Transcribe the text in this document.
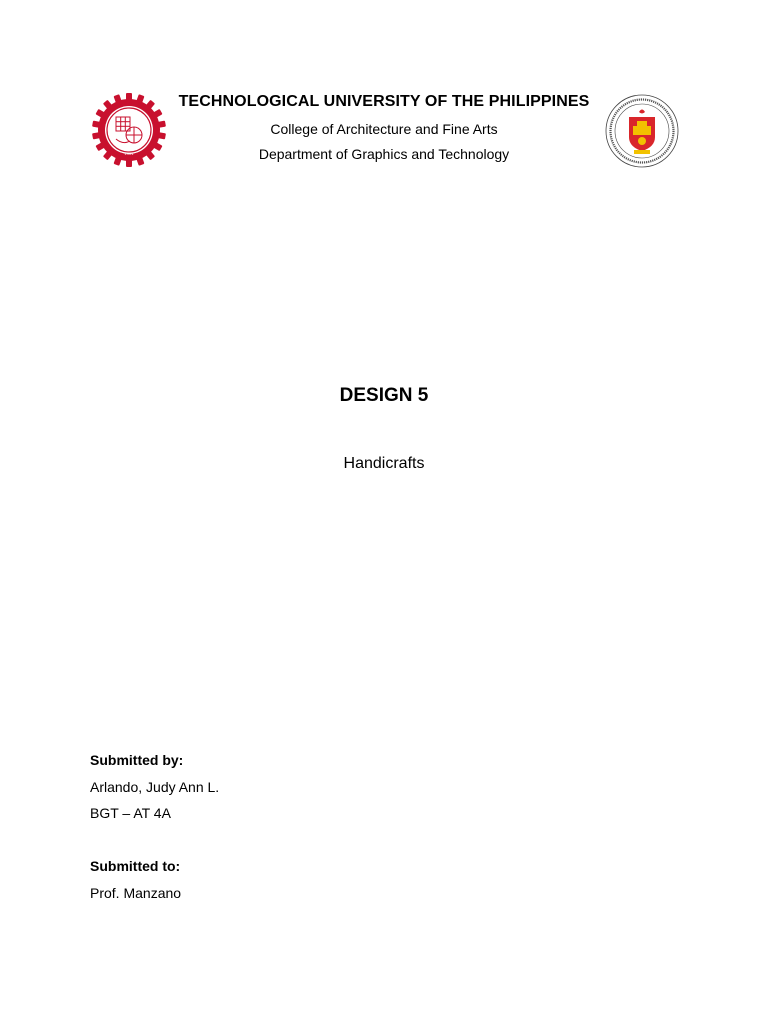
1901
TECHNOLOGICAL UNIVERSITY OF THE PHILIPPINES
College of Architecture and Fine Arts
Department of Graphics and Technology
DESIGN 5
Handicrafts
Submitted by:
Arlando, Judy Ann L.
BGT – AT 4A
Submitted to:
Prof. Manzano
